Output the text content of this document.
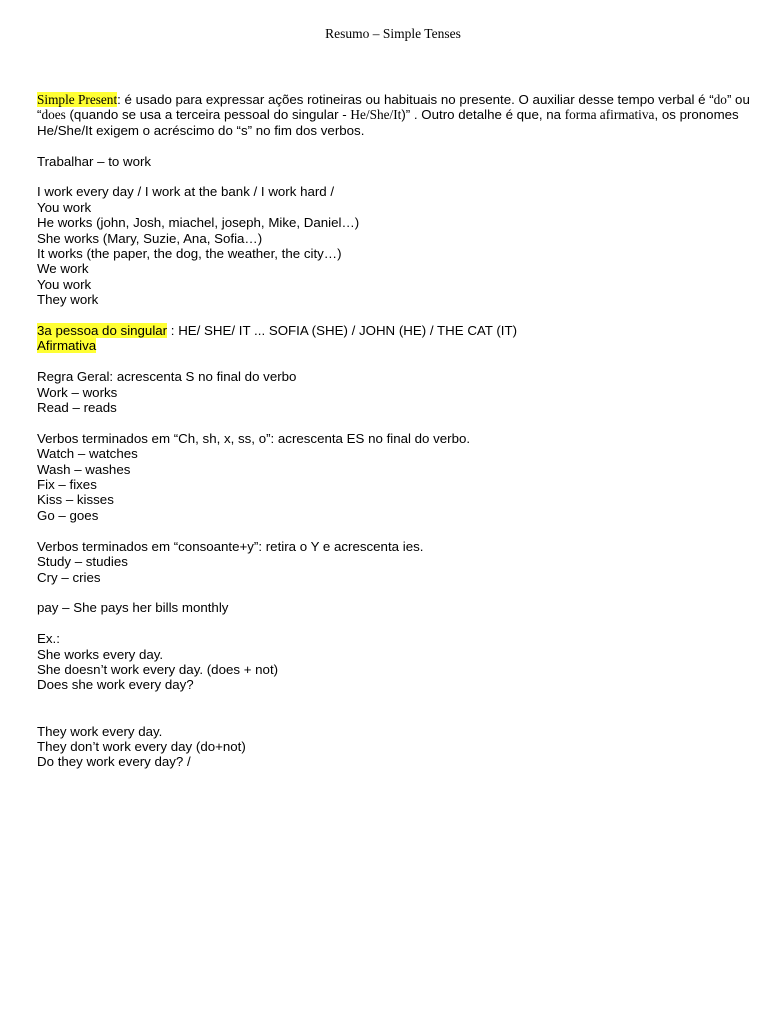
Resumo – Simple Tenses

Simple Present: é usado para expressar ações rotineiras ou habituais no presente. O auxiliar desse tempo verbal é “do” ou “does (quando se usa a terceira pessoal do singular - He/She/It)” . Outro detalhe é que, na forma afirmativa, os pronomes He/She/It exigem o acréscimo do “s” no fim dos verbos.

Trabalhar – to work

I work every day / I work at the bank / I work hard /

You work

He works (john, Josh, miachel, joseph, Mike, Daniel…)

She works (Mary, Suzie, Ana, Sofia…)

It works (the paper, the dog, the weather, the city…)

We work

You work

They work

3a pessoa do singular : HE/ SHE/ IT ... SOFIA (SHE) / JOHN (HE) / THE CAT (IT)

Afirmativa

Regra Geral: acrescenta S no final do verbo

Work – works

Read – reads

Verbos terminados em “Ch, sh, x, ss, o”: acrescenta ES no final do verbo.

Watch – watches

Wash – washes

Fix – fixes

Kiss – kisses

Go – goes

Verbos terminados em “consoante+y”: retira o Y e acrescenta ies.

Study – studies

Cry – cries

pay – She pays her bills monthly

Ex.:

She works every day.

She doesn’t work every day. (does + not)

Does she work every day?

They work every day.

They don’t work every day (do+not)

Do they work every day? /
